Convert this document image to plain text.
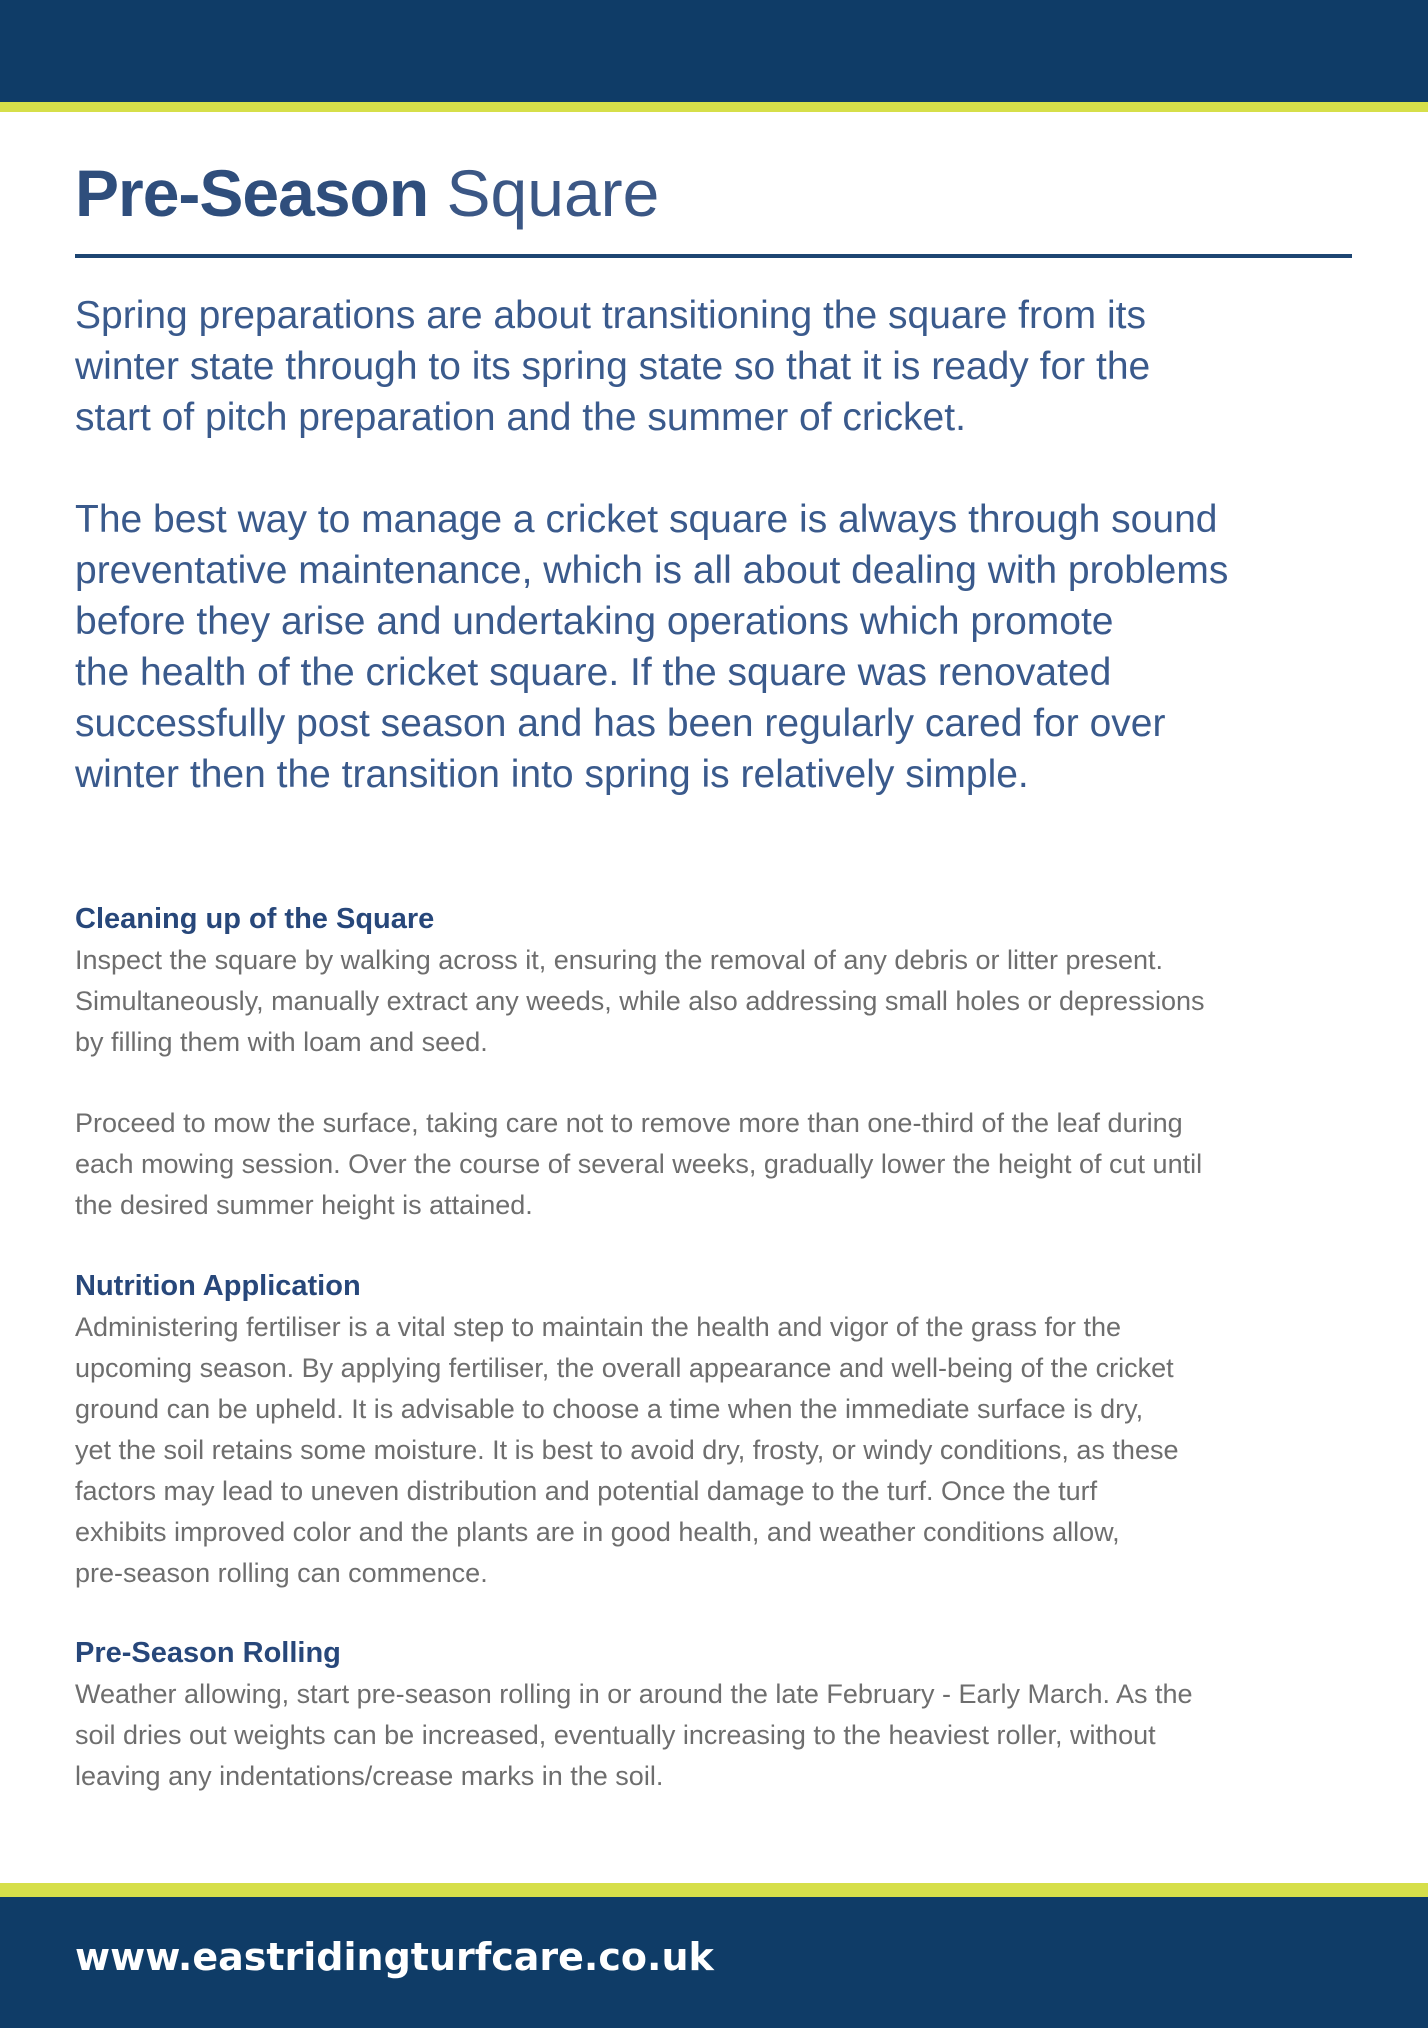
Pre-Season Square
Spring preparations are about transitioning the square from its
winter state through to its spring state so that it is ready for the
start of pitch preparation and the summer of cricket.
The best way to manage a cricket square is always through sound
preventative maintenance, which is all about dealing with problems
before they arise and undertaking operations which promote
the health of the cricket square. If the square was renovated
successfully post season and has been regularly cared for over
winter then the transition into spring is relatively simple.
Cleaning up of the Square
Inspect the square by walking across it, ensuring the removal of any debris or litter present.
Simultaneously, manually extract any weeds, while also addressing small holes or depressions
by filling them with loam and seed.
Proceed to mow the surface, taking care not to remove more than one-third of the leaf during
each mowing session. Over the course of several weeks, gradually lower the height of cut until
the desired summer height is attained.
Nutrition Application
Administering fertiliser is a vital step to maintain the health and vigor of the grass for the
upcoming season. By applying fertiliser, the overall appearance and well-being of the cricket
ground can be upheld. It is advisable to choose a time when the immediate surface is dry,
yet the soil retains some moisture. It is best to avoid dry, frosty, or windy conditions, as these
factors may lead to uneven distribution and potential damage to the turf. Once the turf
exhibits improved color and the plants are in good health, and weather conditions allow,
pre-season rolling can commence.
Pre-Season Rolling
Weather allowing, start pre-season rolling in or around the late February - Early March. As the
soil dries out weights can be increased, eventually increasing to the heaviest roller, without
leaving any indentations/crease marks in the soil.

www.eastridingturfcare.co.uk
